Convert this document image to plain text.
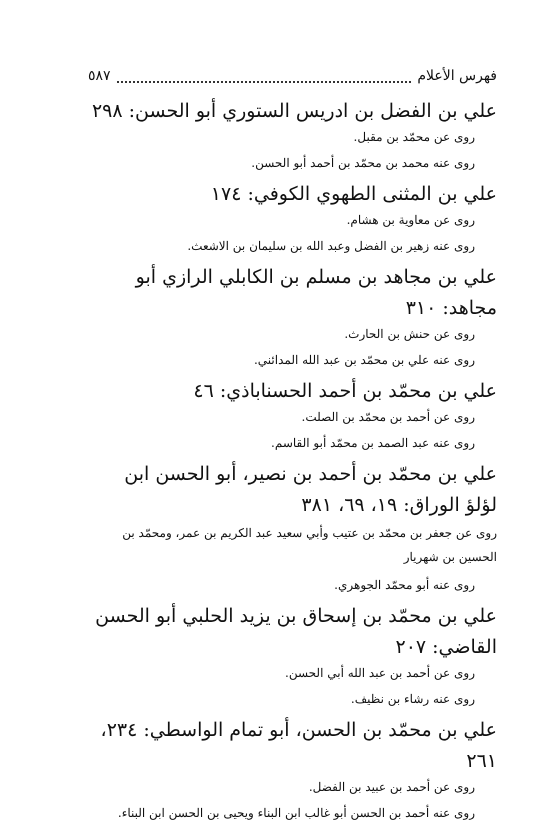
فهرس الأعلام
٥٨٧

علي بن الفضل بن ادريس الستوري أبو الحسن: ٢٩٨

روى عن محمّد بن مقبل.

روى عنه محمد بن محمّد بن أحمد أبو الحسن.

علي بن المثنى الطهوي الكوفي: ١٧٤

روى عن معاوية بن هشام.

روى عنه زهير بن الفضل وعبد الله بن سليمان بن الاشعث.

علي بن مجاهد بن مسلم بن الكابلي الرازي أبو مجاهد: ٣١٠

روى عن حنش بن الحارث.

روى عنه علي بن محمّد بن عبد الله المدائني.

علي بن محمّد بن أحمد الحسناباذي: ٤٦

روى عن أحمد بن محمّد بن الصلت.

روى عنه عبد الصمد بن محمّد أبو القاسم.

علي بن محمّد بن أحمد بن نصير، أبو الحسن ابن لؤلؤ الوراق: ١٩، ٦٩، ٣٨١

روى عن جعفر بن محمّد بن عتيب وأبي سعيد عبد الكريم بن عمر، ومحمّد بن الحسين بن شهريار

روى عنه أبو محمّد الجوهري.

علي بن محمّد بن إسحاق بن يزيد الحلبي أبو الحسن القاضي: ٢٠٧

روى عن أحمد بن عبد الله أبي الحسن.

روى عنه رشاء بن نظيف.

علي بن محمّد بن الحسن، أبو تمام الواسطي: ٢٣٤، ٢٦١

روى عن أحمد بن عبيد بن الفضل.

روى عنه أحمد بن الحسن أبو غالب ابن البناء ويحيى بن الحسن ابن البناء.
